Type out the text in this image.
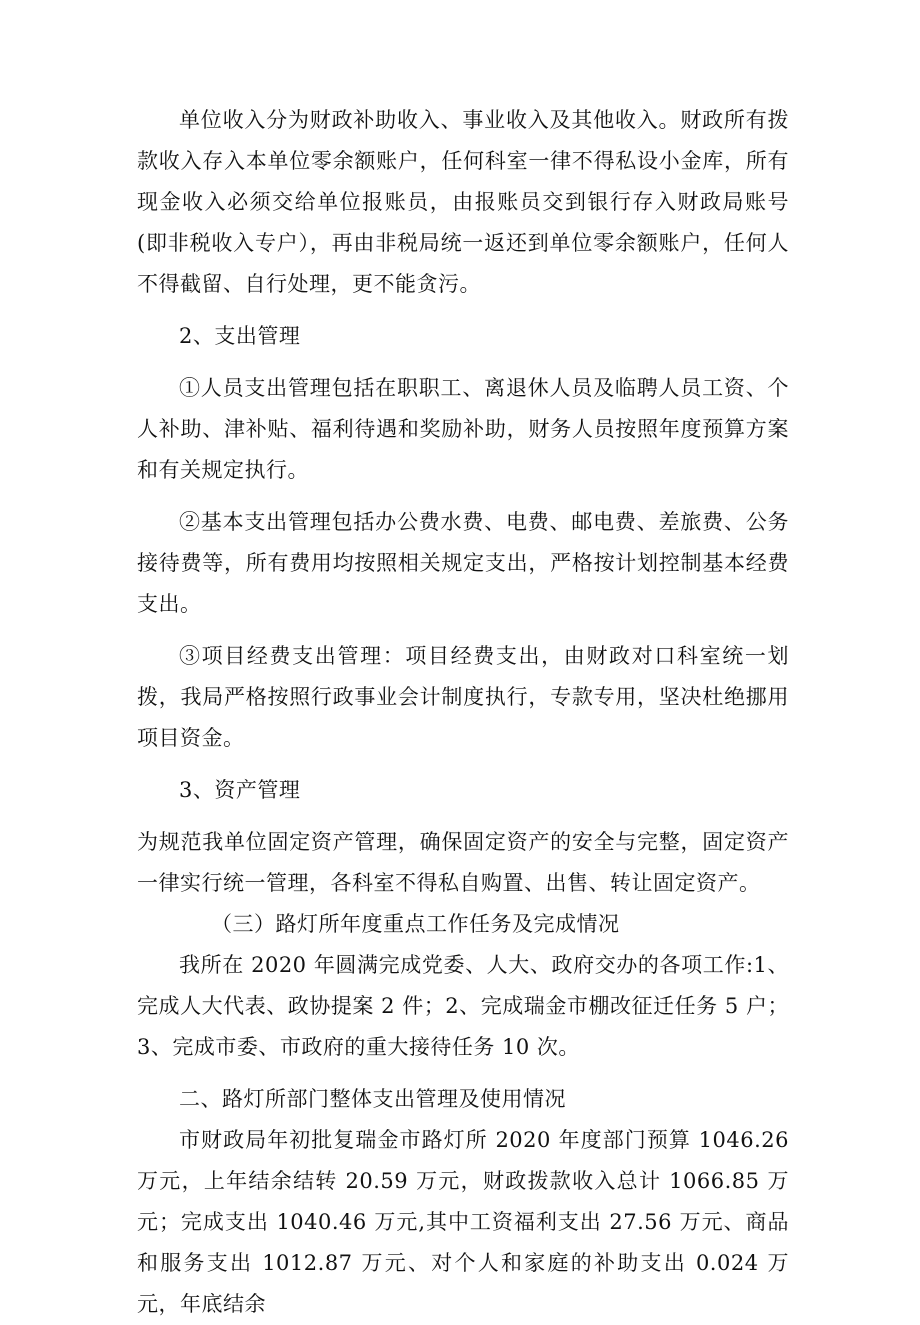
单位收入分为财政补助收入、事业收入及其他收入。财政所有拨款收入存入本单位零余额账户，任何科室一律不得私设小金库，所有现金收入必须交给单位报账员，由报账员交到银行存入财政局账号(即非税收入专户），再由非税局统一返还到单位零余额账户，任何人不得截留、自行处理，更不能贪污。

2、支出管理

①人员支出管理包括在职职工、离退休人员及临聘人员工资、个人补助、津补贴、福利待遇和奖励补助，财务人员按照年度预算方案和有关规定执行。

②基本支出管理包括办公费水费、电费、邮电费、差旅费、公务接待费等，所有费用均按照相关规定支出，严格按计划控制基本经费支出。

③项目经费支出管理：项目经费支出，由财政对口科室统一划拨，我局严格按照行政事业会计制度执行，专款专用，坚决杜绝挪用项目资金。

3、资产管理

为规范我单位固定资产管理，确保固定资产的安全与完整，固定资产一律实行统一管理，各科室不得私自购置、出售、转让固定资产。

（三）路灯所年度重点工作任务及完成情况

我所在 2020 年圆满完成党委、人大、政府交办的各项工作:1、完成人大代表、政协提案 2 件；2、完成瑞金市棚改征迁任务 5 户；3、完成市委、市政府的重大接待任务 10 次。

二、路灯所部门整体支出管理及使用情况

市财政局年初批复瑞金市路灯所 2020 年度部门预算 1046.26 万元，上年结余结转 20.59 万元，财政拨款收入总计 1066.85 万元；完成支出 1040.46 万元,其中工资福利支出 27.56 万元、商品和服务支出 1012.87 万元、对个人和家庭的补助支出 0.024 万元，年底结余
